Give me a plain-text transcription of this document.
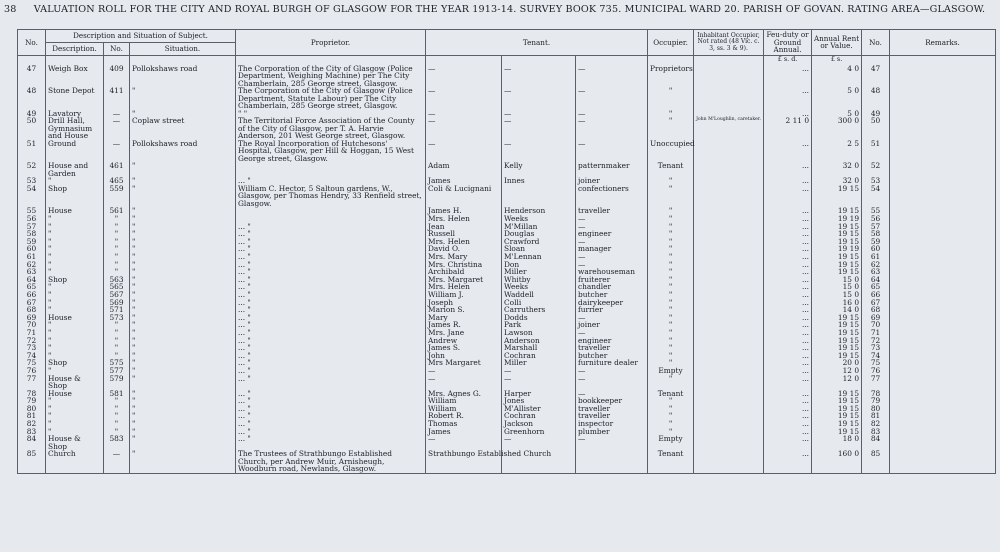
38 VALUATION ROLL FOR THE CITY AND ROYAL BURGH OF GLASGOW FOR THE YEAR 1913-14. SURVEY BOOK 735. MUNICIPAL WARD 20. PARISH OF GOVAN. RATING AREA—GLASGOW.
No.	Description and Situation of Subject.			Proprietor.	Tenant.			Occupier.	Inhabitant Occupier, Not rated (48 Vic. c. 3, ss. 3 & 9).	Feu-duty or Ground Annual.	Annual Rent or Value.	No.	Remarks.
	Description.	No.	Situation.										
										£ s. d.	£ s.		
47	Weigh Box	409	Pollokshaws road	The Corporation of the City of Glasgow (Police Department, Weighing Machine) per The City Chamberlain, 285 George street, Glasgow.	—	—	—	Proprietors		...	4 0	47	
48	Stone Depot	411	"	The Corporation of the City of Glasgow (Police Department, Statute Labour) per The City Chamberlain, 285 George street, Glasgow.	—	—	—	"		...	5 0	48	
49	Lavatory	—	"	" "	—	—	—	"		...	5 0	49	
50	Drill Hall, Gymnasium and House	—	Coplaw street	The Territorial Force Association of the County of the City of Glasgow, per T. A. Harvie Anderson, 201 West George street, Glasgow.	—	—	—	"	John M'Loughlin, caretaker.	2 11 0	300 0	50	
51	Ground	—	Pollokshaws road	The Royal Incorporation of Hutchesons' Hospital, Glasgow, per Hill & Hoggan, 15 West George street, Glasgow.	—	—	—	Unoccupied		...	2 5	51	
52	House and Garden	461	"		Adam	Kelly	patternmaker	Tenant		...	32 0	52	
53	"	465	"	... "	James	Innes	joiner	"		...	32 0	53	
54	Shop	559	"	William C. Hector, 5 Saltoun gardens, W., Glasgow, per Thomas Hendry, 33 Renfield street, Glasgow.	Coli & Lucignani		confectioners	"		...	19 15	54	
55	House	561	"		James H.	Henderson	traveller	"		...	19 15	55	
56	"	"	"		Mrs. Helen	Weeks	—	"		...	19 19	56	
57	"	"	"	... "	Jean	M'Millan	—	"		...	19 15	57	
58	"	"	"	... "	Russell	Douglas	engineer	"		...	19 15	58	
59	"	"	"	... "	Mrs. Helen	Crawford	—	"		...	19 15	59	
60	"	"	"	... "	David O.	Sloan	manager	"		...	19 19	60	
61	"	"	"	... "	Mrs. Mary	M'Lennan	—	"		...	19 15	61	
62	"	"	"	... "	Mrs. Christina	Don	—	"		...	19 15	62	
63	"	"	"	... "	Archibald	Miller	warehouseman	"		...	19 15	63	
64	Shop	563	"	... "	Mrs. Margaret	Whitby	fruiterer	"		...	15 0	64	
65	"	565	"	... "	Mrs. Helen	Weeks	chandler	"		...	15 0	65	
66	"	567	"	... "	William J.	Waddell	butcher	"		...	15 0	66	
67	"	569	"	... "	Joseph	Colli	dairykeeper	"		...	16 0	67	
68	"	571	"	... "	Marion S.	Carruthers	furrier	"		...	14 0	68	
69	House	573	"	... "	Mary	Dodds	—	"		...	19 15	69	
70	"	"	"	... "	James R.	Park	joiner	"		...	19 15	70	
71	"	"	"	... "	Mrs. Jane	Lawson	—	"		...	19 15	71	
72	"	"	"	... "	Andrew	Anderson	engineer	"		...	19 15	72	
73	"	"	"	... "	James S.	Marshall	traveller	"		...	19 15	73	
74	"	"	"	... "	John	Cochran	butcher	"		...	19 15	74	
75	Shop	575	"	... "	Mrs Margaret	Miller	furniture dealer	"		...	20 0	75	
76	"	577	"	... "	—	—	—	Empty		...	12 0	76	
77	House & Shop	579	"	... "	—	—	—	"		...	12 0	77	
78	House	581	"	... "	Mrs. Agnes G.	Harper	—	Tenant		...	19 15	78	
79	"	"	"	... "	William	Jones	bookkeeper	"		...	19 15	79	
80	"	"	"	... "	William	M'Allister	traveller	"		...	19 15	80	
81	"	"	"	... "	Robert R.	Cochran	traveller	"		...	19 15	81	
82	"	"	"	... "	Thomas	Jackson	inspector	"		...	19 15	82	
83	"	"	"	... "	James	Greenhorn	plumber	"		...	19 15	83	
84	House & Shop	583	"	... "	—	—	—	Empty		...	18 0	84	
85	Church	—	"	The Trustees of Strathbungo Established Church, per Andrew Muir, Arnisheugh, Woodburn road, Newlands, Glasgow.	Strathbungo Established Church			Tenant		...	160 0	85	
